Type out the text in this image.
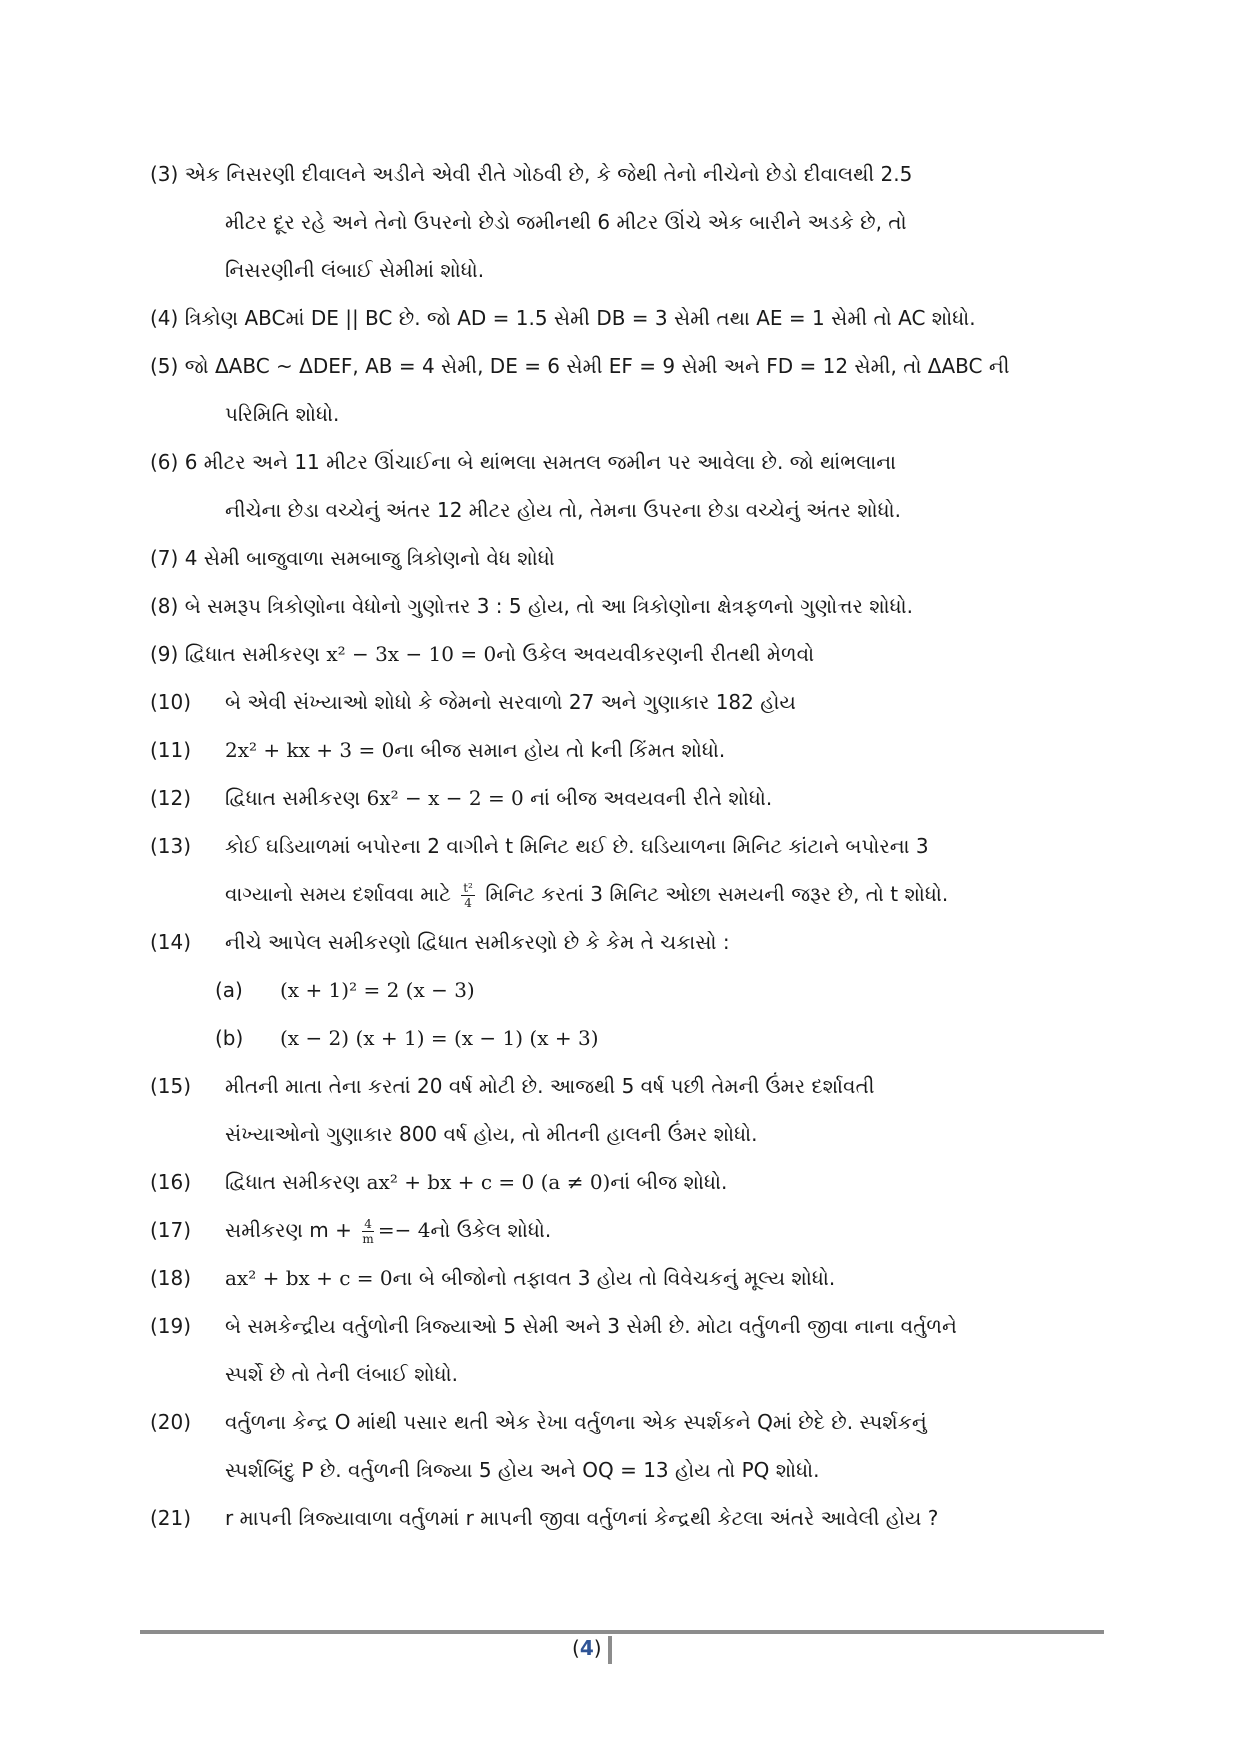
(3) એક નિસરણી દીવાલને અડીને એવી રીતે ગોઠવી છે, કે જેથી તેનો નીચેનો છેડો દીવાલથી 2.5
મીટર દૂર રહે અને તેનો ઉપરનો છેડો જમીનથી 6 મીટર ઊંચે એક બારીને અડકે છે, તો
નિસરણીની લંબાઈ સેમીમાં શોધો.
(4) ત્રિકોણ ABCમાં DE || BC છે. જો AD = 1.5 સેમી DB = 3 સેમી તથા AE = 1 સેમી તો AC શોધો.
(5) જો ΔABC ~ ΔDEF, AB = 4 સેમી, DE = 6 સેમી EF = 9 સેમી અને FD = 12 સેમી, તો ΔABC ની
પરિમિતિ શોધો.
(6) 6 મીટર અને 11 મીટર ઊંચાઈના બે થાંભલા સમતલ જમીન પર આવેલા છે. જો થાંભલાના
નીચેના છેડા વચ્ચેનું અંતર 12 મીટર હોય તો, તેમના ઉપરના છેડા વચ્ચેનું અંતર શોધો.
(7) 4 સેમી બાજુવાળા સમબાજુ ત્રિકોણનો વેધ શોધો
(8) બે સમરૂપ ત્રિકોણોના વેધોનો ગુણોત્તર 3 : 5 હોય, તો આ ત્રિકોણોના ક્ષેત્રફળનો ગુણોત્તર શોધો.
(9) દ્વિધાત સમીકરણ x² − 3x − 10 = 0નો ઉકેલ અવયવીકરણની રીતથી મેળવો
(10) બે એવી સંખ્યાઓ શોધો કે જેમનો સરવાળો 27 અને ગુણાકાર 182 હોય
(11) 2x² + kx + 3 = 0ના બીજ સમાન હોય તો kની કિંમત શોધો.
(12) દ્વિધાત સમીકરણ 6x² − x − 2 = 0 નાં બીજ અવયવની રીતે શોધો.
(13) કોઈ ઘડિયાળમાં બપોરના 2 વાગીને t મિનિટ થઈ છે. ઘડિયાળના મિનિટ કાંટાને બપોરના 3
વાગ્યાનો સમય દર્શાવવા માટે $\frac{\text{t²}}{4}$ મિનિટ કરતાં 3 મિનિટ ઓછા સમયની જરૂર છે, તો t શોધો.
(14) નીચે આપેલ સમીકરણો દ્વિધાત સમીકરણો છે કે કેમ તે ચકાસો :
(a) (x + 1)² = 2 (x − 3)
(b) (x − 2) (x + 1) = (x − 1) (x + 3)
(15) મીતની માતા તેના કરતાં 20 વર્ષ મોટી છે. આજથી 5 વર્ષ પછી તેમની ઉંમર દર્શાવતી
સંખ્યાઓનો ગુણાકાર 800 વર્ષ હોય, તો મીતની હાલની ઉંમર શોધો.
(16) દ્વિધાત સમીકરણ ax² + bx + c = 0 (a ≠ 0)નાં બીજ શોધો.
(17) સમીકરણ $m + \frac{4}{m}$ =− 4નો ઉકેલ શોધો.
(18) ax² + bx + c = 0ના બે બીજોનો તફાવત 3 હોય તો વિવેચકનું મૂલ્ય શોધો.
(19) બે સમકેન્દ્રીય વર્તુળોની ત્રિજ્યાઓ 5 સેમી અને 3 સેમી છે. મોટા વર્તુળની જીવા નાના વર્તુળને
સ્પર્શે છે તો તેની લંબાઈ શોધો.
(20) વર્તુળના કેન્દ્ર O માંથી પસાર થતી એક રેખા વર્તુળના એક સ્પર્શકને Qમાં છેદે છે. સ્પર્શકનું
સ્પર્શબિંદુ P છે. વર્તુળની ત્રિજ્યા 5 હોય અને OQ = 13 હોય તો PQ શોધો.
(21) r માપની ત્રિજ્યાવાળા વર્તુળમાં r માપની જીવા વર્તુળનાં કેન્દ્રથી કેટલા અંતરે આવેલી હોય ?
(4)
